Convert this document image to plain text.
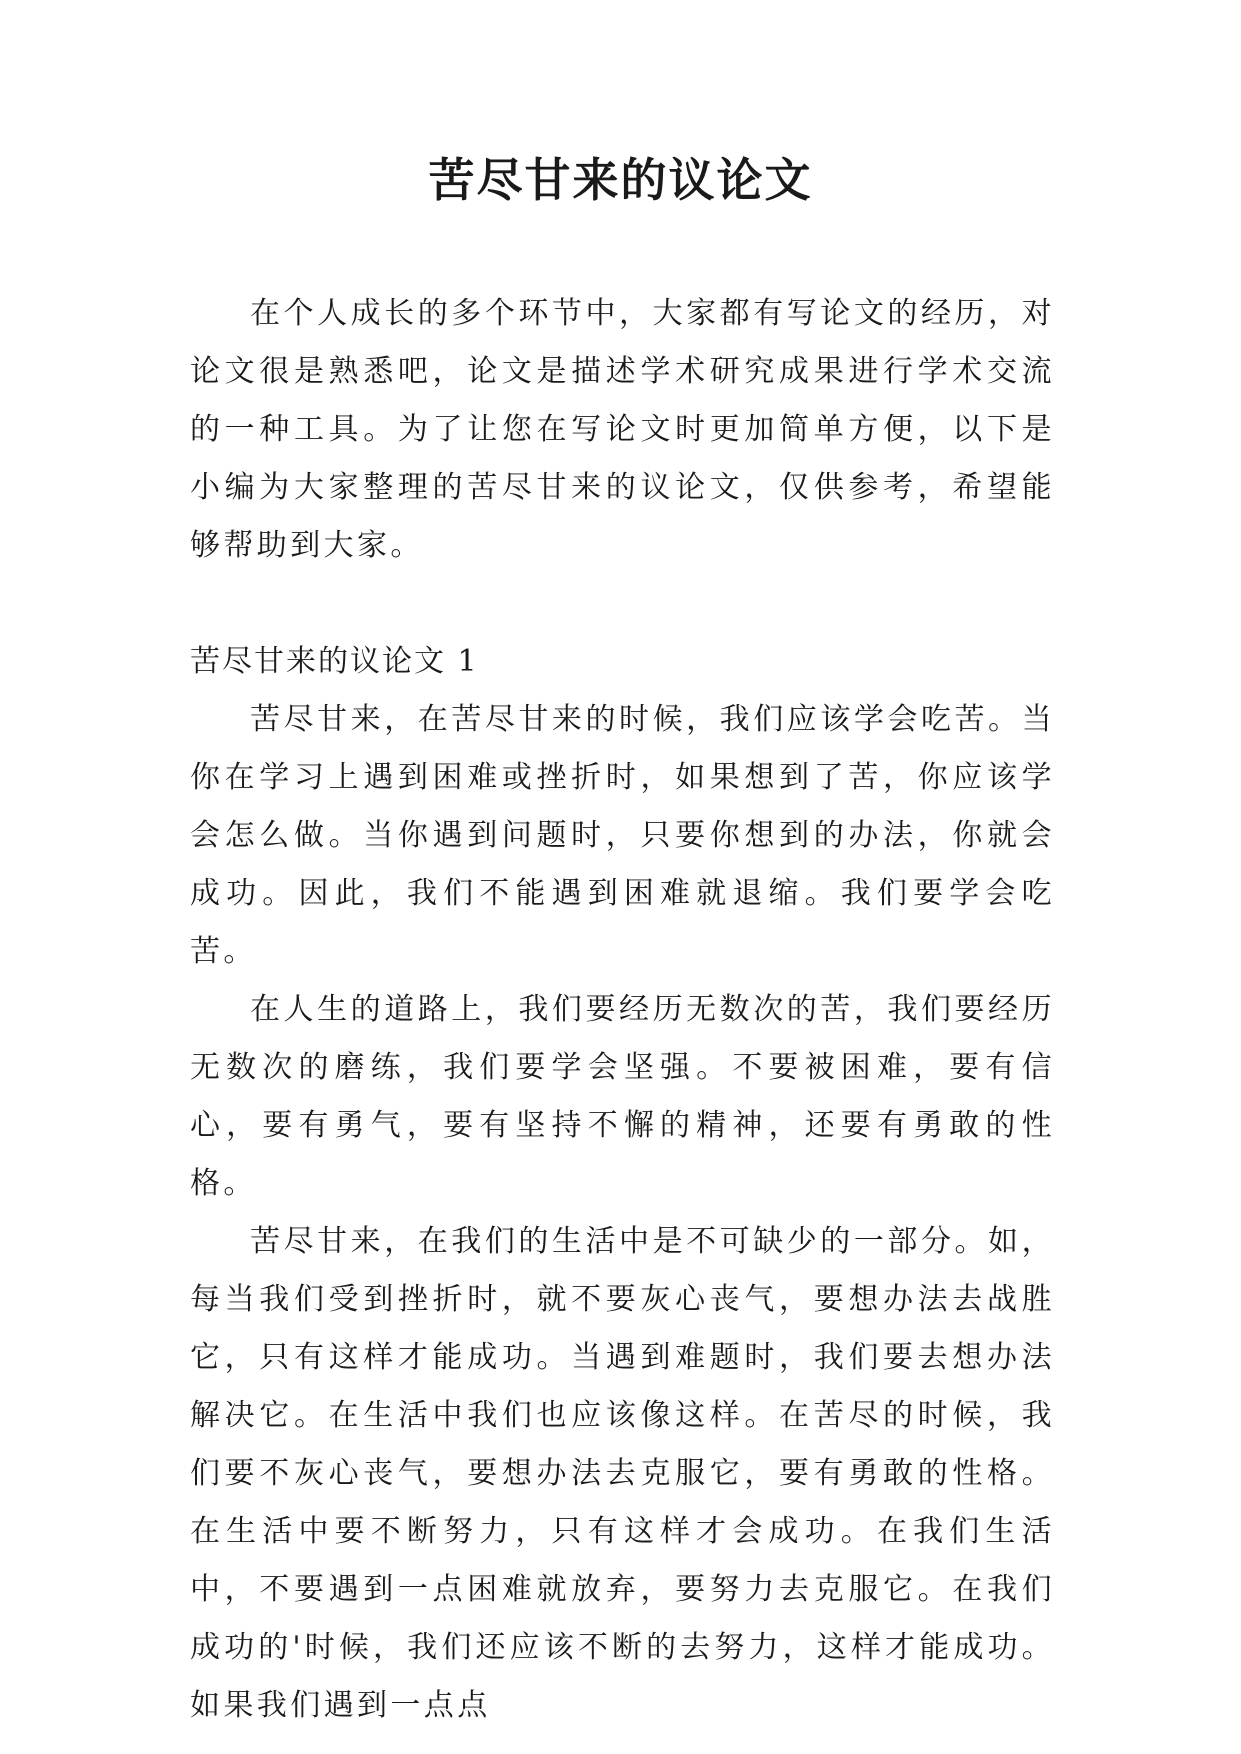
苦尽甘来的议论文

在个人成长的多个环节中，大家都有写论文的经历，对论文很是熟悉吧，论文是描述学术研究成果进行学术交流的一种工具。为了让您在写论文时更加简单方便，以下是小编为大家整理的苦尽甘来的议论文，仅供参考，希望能够帮助到大家。

苦尽甘来的议论文 1

苦尽甘来，在苦尽甘来的时候，我们应该学会吃苦。当你在学习上遇到困难或挫折时，如果想到了苦，你应该学会怎么做。当你遇到问题时，只要你想到的办法，你就会成功。因此，我们不能遇到困难就退缩。我们要学会吃苦。

在人生的道路上，我们要经历无数次的苦，我们要经历无数次的磨练，我们要学会坚强。不要被困难，要有信心，要有勇气，要有坚持不懈的精神，还要有勇敢的性格。

苦尽甘来，在我们的生活中是不可缺少的一部分。如，每当我们受到挫折时，就不要灰心丧气，要想办法去战胜它，只有这样才能成功。当遇到难题时，我们要去想办法解决它。在生活中我们也应该像这样。在苦尽的时候，我们要不灰心丧气，要想办法去克服它，要有勇敢的性格。在生活中要不断努力，只有这样才会成功。在我们生活中，不要遇到一点困难就放弃，要努力去克服它。在我们成功的'时候，我们还应该不断的去努力，这样才能成功。如果我们遇到一点点
